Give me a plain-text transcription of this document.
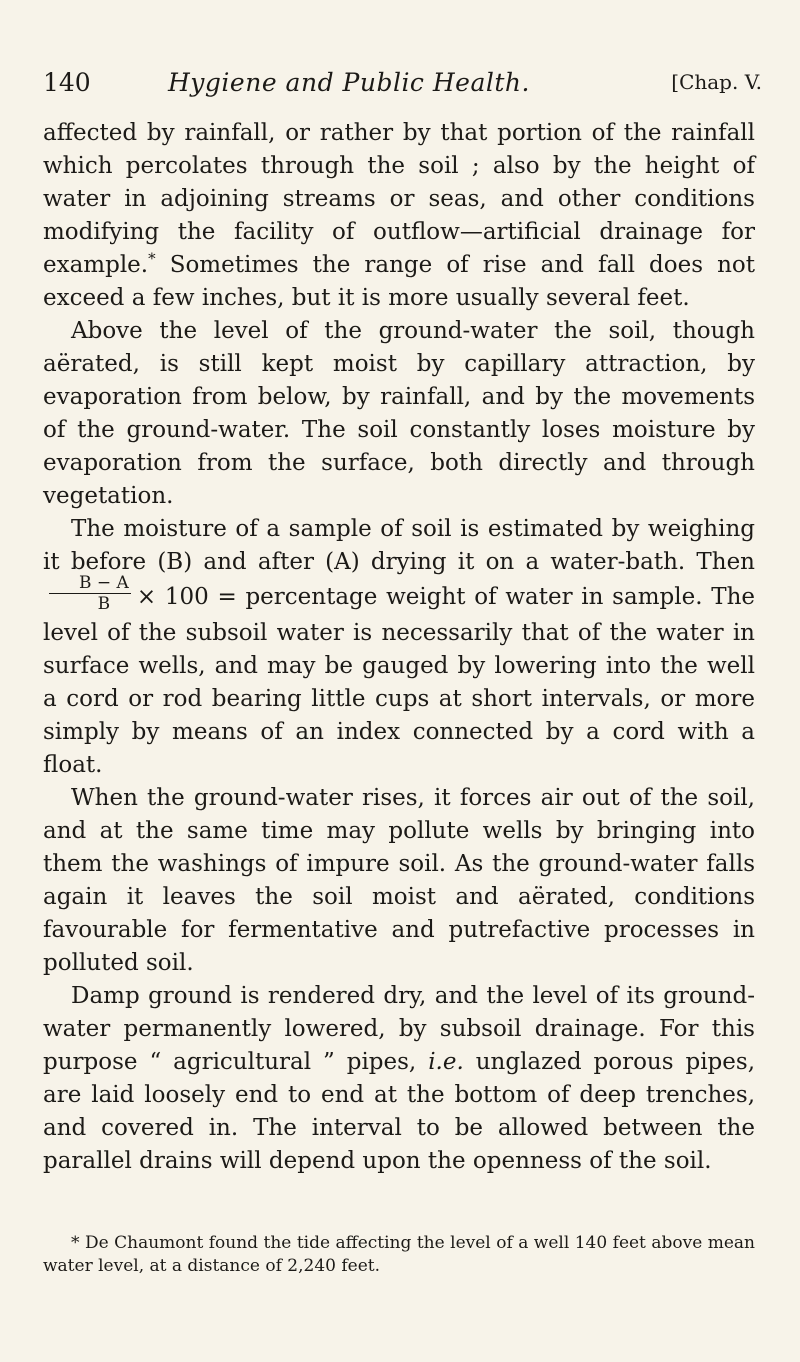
140	Hygiene and Public Health.	[Chap. V.

affected by rainfall, or rather by that portion of the rainfall which percolates through the soil ; also by the height of water in adjoining streams or seas, and other conditions modifying the facility of outflow—artificial drainage for example.* Sometimes the range of rise and fall does not exceed a few inches, but it is more usually several feet.

Above the level of the ground-water the soil, though aërated, is still kept moist by capillary attraction, by evaporation from below, by rainfall, and by the movements of the ground-water. The soil constantly loses moisture by evaporation from the surface, both directly and through vegetation.

The moisture of a sample of soil is estimated by weighing it before (B) and after (A) drying it on a water-bath. Then
$\frac{B - A}{B} \times 100$ = percentage weight of water in sample. The level of the subsoil water is necessarily that of the water in surface wells, and may be gauged by lowering into the well a cord or rod bearing little cups at short intervals, or more simply by means of an index connected by a cord with a float.

When the ground-water rises, it forces air out of the soil, and at the same time may pollute wells by bringing into them the washings of impure soil. As the ground-water falls again it leaves the soil moist and aërated, conditions favourable for fermentative and putrefactive processes in polluted soil.

Damp ground is rendered dry, and the level of its ground-water permanently lowered, by subsoil drainage. For this purpose “ agricultural ” pipes, i.e. unglazed porous pipes, are laid loosely end to end at the bottom of deep trenches, and covered in. The interval to be allowed between the parallel drains will depend upon the openness of the soil.

* De Chaumont found the tide affecting the level of a well 140 feet above mean water level, at a distance of 2,240 feet.
